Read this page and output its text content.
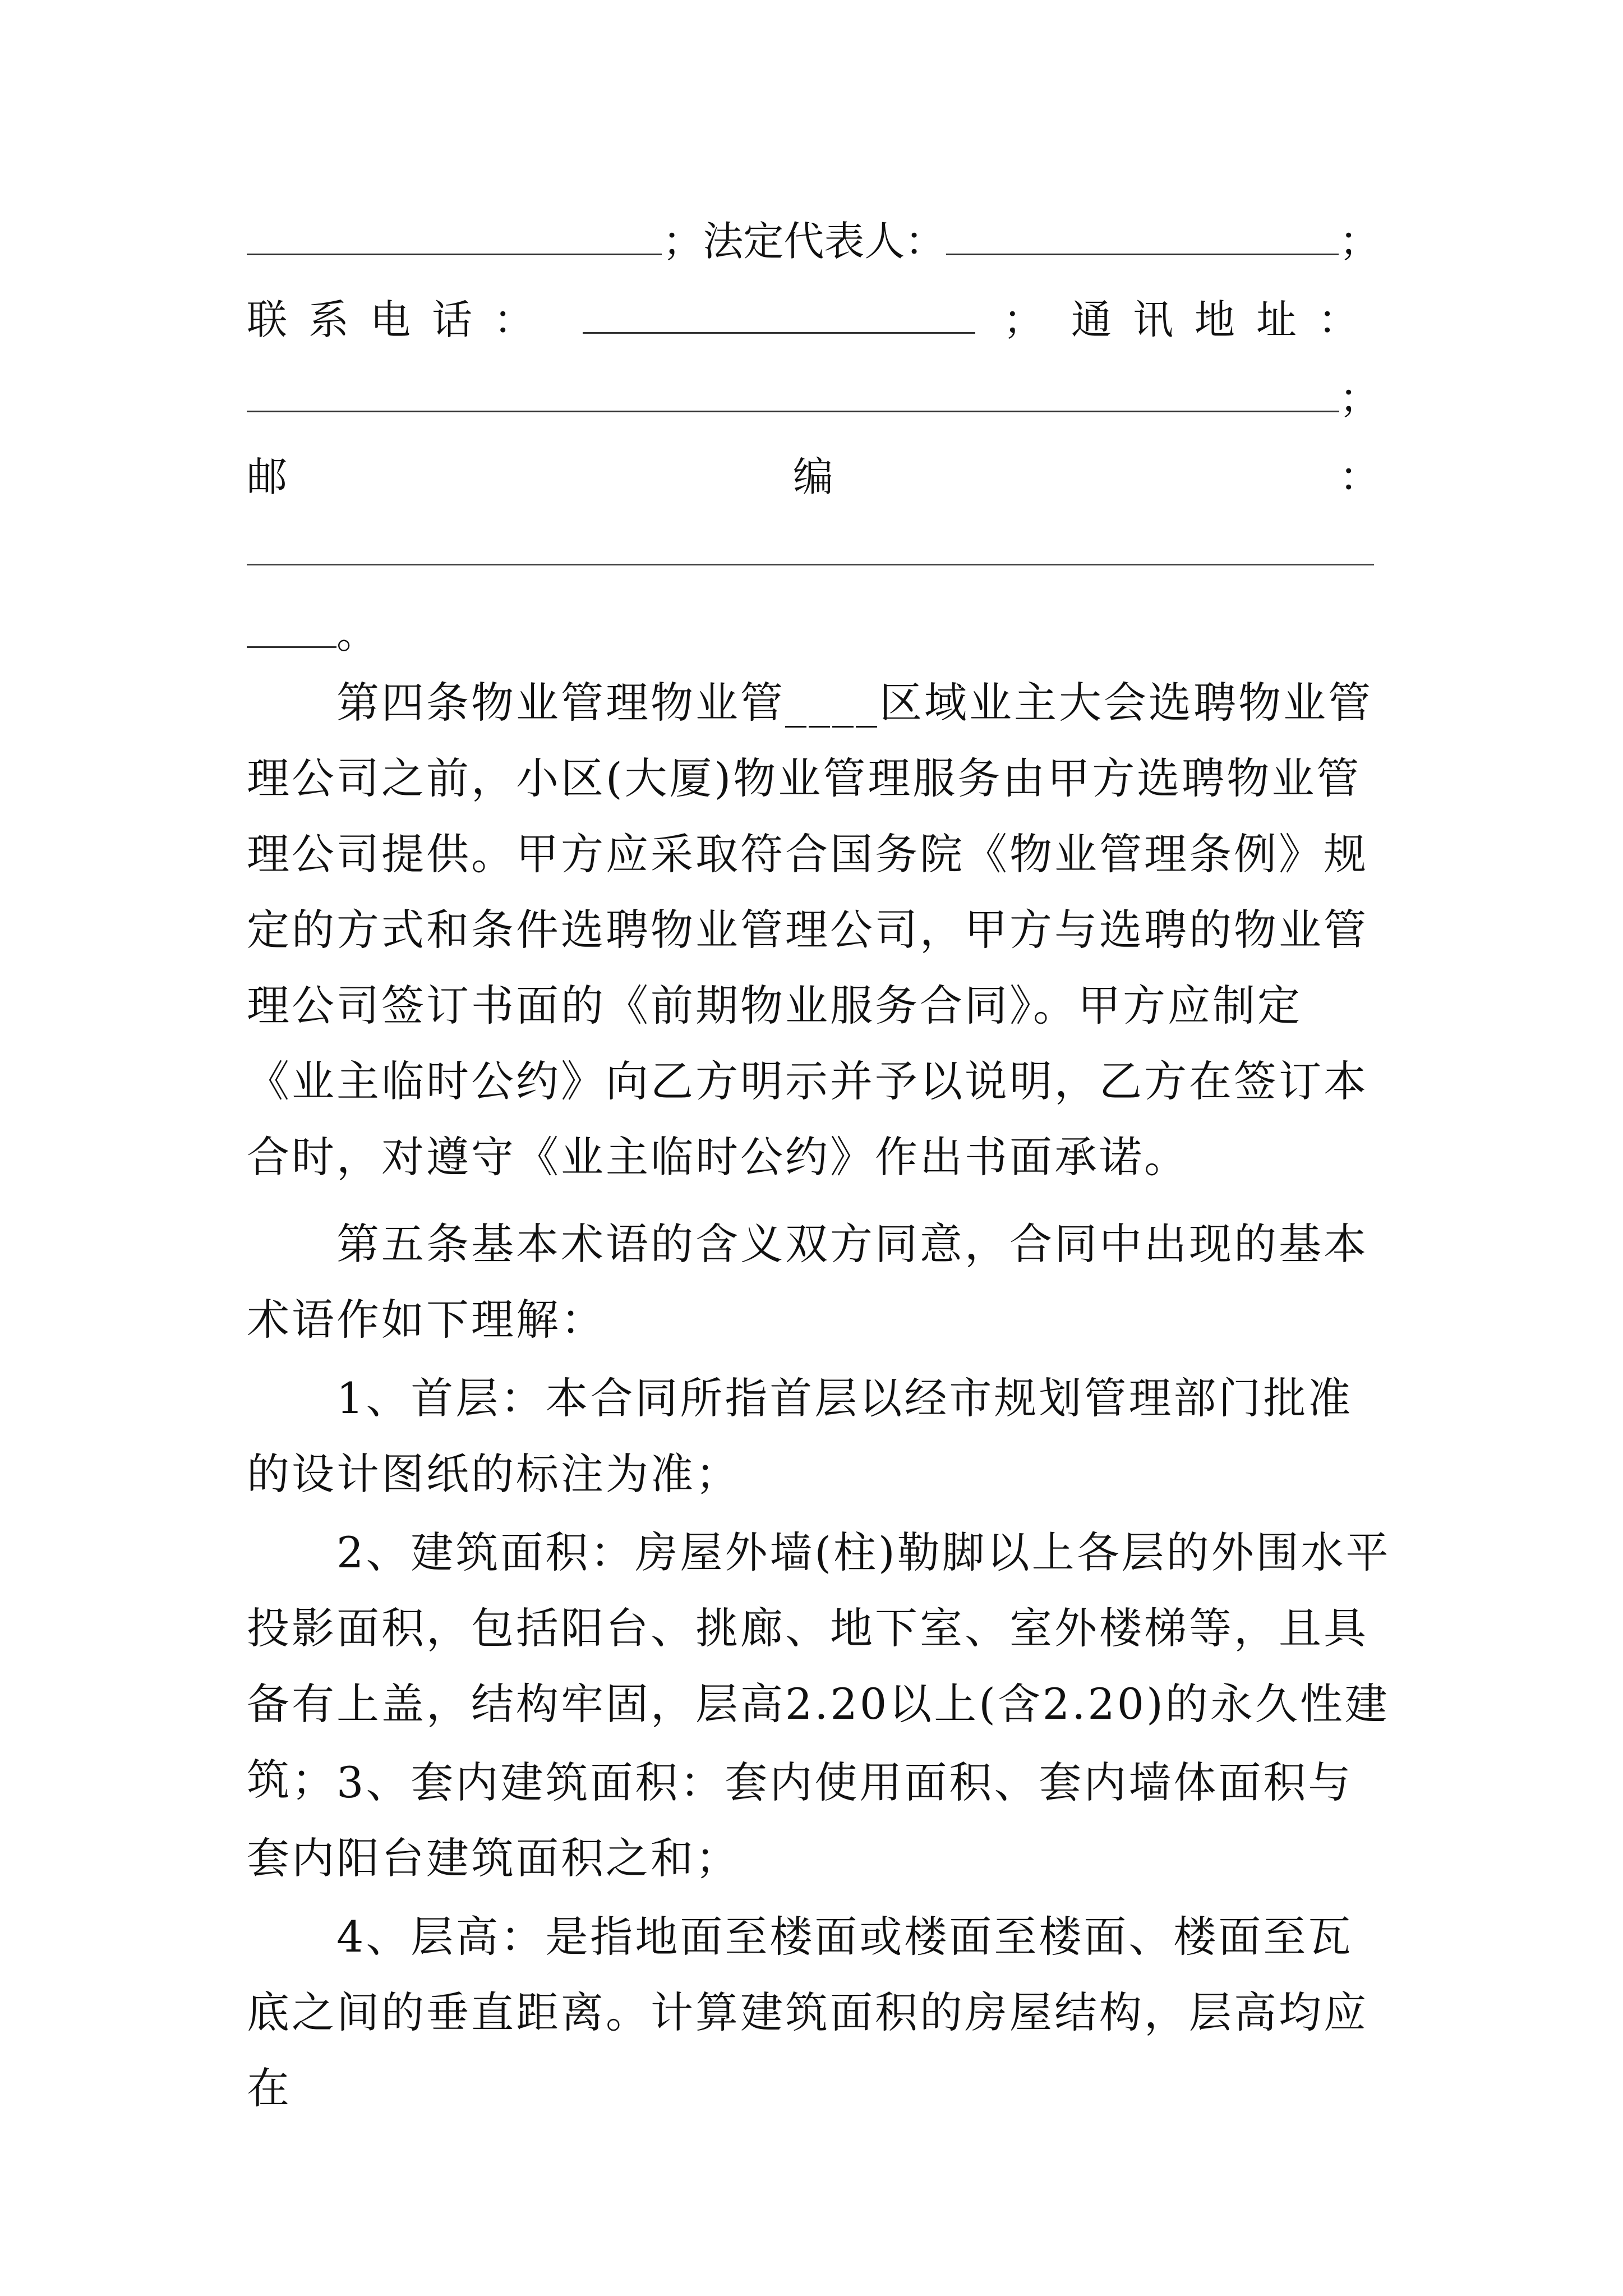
；法定代表人：	；
联系电话：	； 通讯地址：
；
邮	编	：
。

第四条物业管理物业管____区域业主大会选聘物业管理公司之前，小区(大厦)物业管理服务由甲方选聘物业管理公司提供。甲方应采取符合国务院《物业管理条例》规定的方式和条件选聘物业管理公司，甲方与选聘的物业管理公司签订书面的《前期物业服务合同》。甲方应制定《业主临时公约》向乙方明示并予以说明，乙方在签订本合时，对遵守《业主临时公约》作出书面承诺。

第五条基本术语的含义双方同意，合同中出现的基本术语作如下理解：

1、首层：本合同所指首层以经市规划管理部门批准的设计图纸的标注为准；

2、建筑面积：房屋外墙(柱)勒脚以上各层的外围水平投影面积，包括阳台、挑廊、地下室、室外楼梯等，且具备有上盖，结构牢固，层高2.20以上(含2.20)的永久性建筑； 3、套内建筑面积：套内使用面积、套内墙体面积与套内阳台建筑面积之和；

4、层高：是指地面至楼面或楼面至楼面、楼面至瓦底之间的垂直距离。计算建筑面积的房屋结构，层高均应在
